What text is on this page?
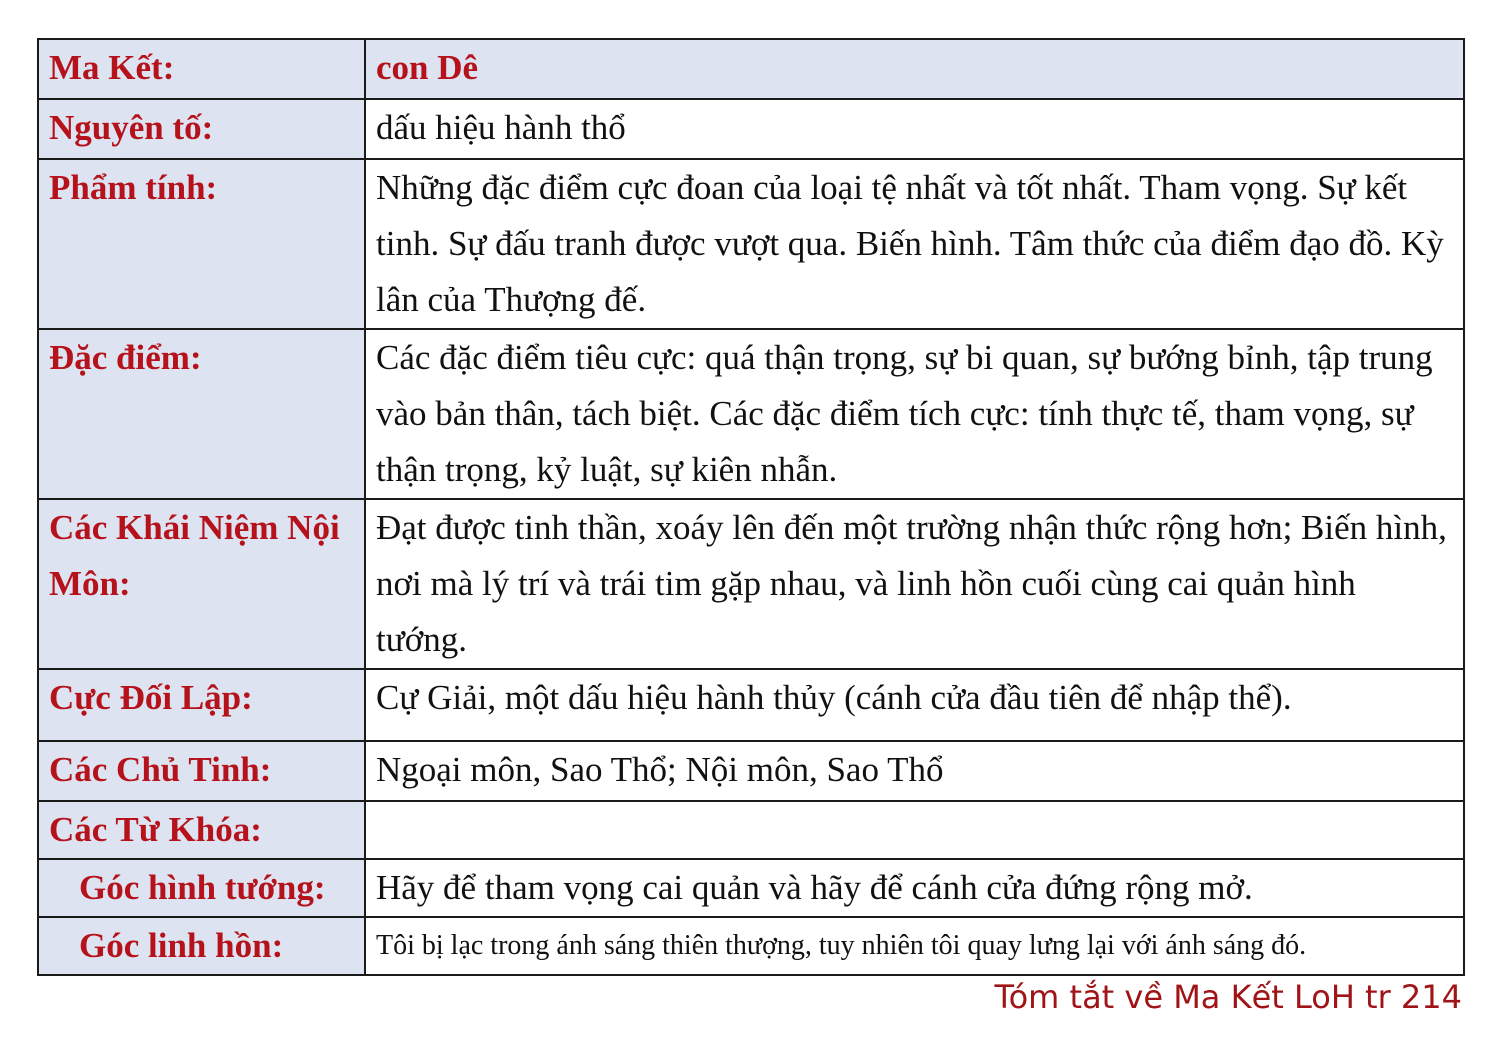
Ma Kết:	con Dê
Nguyên tố:	dấu hiệu hành thổ
Phẩm tính:	Những đặc điểm cực đoan của loại tệ nhất và tốt nhất. Tham vọng. Sự kết tinh. Sự đấu tranh được vượt qua. Biến hình. Tâm thức của điểm đạo đồ. Kỳ lân của Thượng đế.
Đặc điểm:	Các đặc điểm tiêu cực: quá thận trọng, sự bi quan, sự bướng bỉnh, tập trung vào bản thân, tách biệt. Các đặc điểm tích cực: tính thực tế, tham vọng, sự thận trọng, kỷ luật, sự kiên nhẫn.
Các Khái Niệm Nội Môn:	Đạt được tinh thần, xoáy lên đến một trường nhận thức rộng hơn; Biến hình, nơi mà lý trí và trái tim gặp nhau, và linh hồn cuối cùng cai quản hình tướng.
Cực Đối Lập:	Cự Giải, một dấu hiệu hành thủy (cánh cửa đầu tiên để nhập thể).
Các Chủ Tinh:	Ngoại môn, Sao Thổ; Nội môn, Sao Thổ
Các Từ Khóa:	
Góc hình tướng:	Hãy để tham vọng cai quản và hãy để cánh cửa đứng rộng mở.
Góc linh hồn:	Tôi bị lạc trong ánh sáng thiên thượng, tuy nhiên tôi quay lưng lại với ánh sáng đó.
Tóm tắt về Ma Kết LoH tr 214
